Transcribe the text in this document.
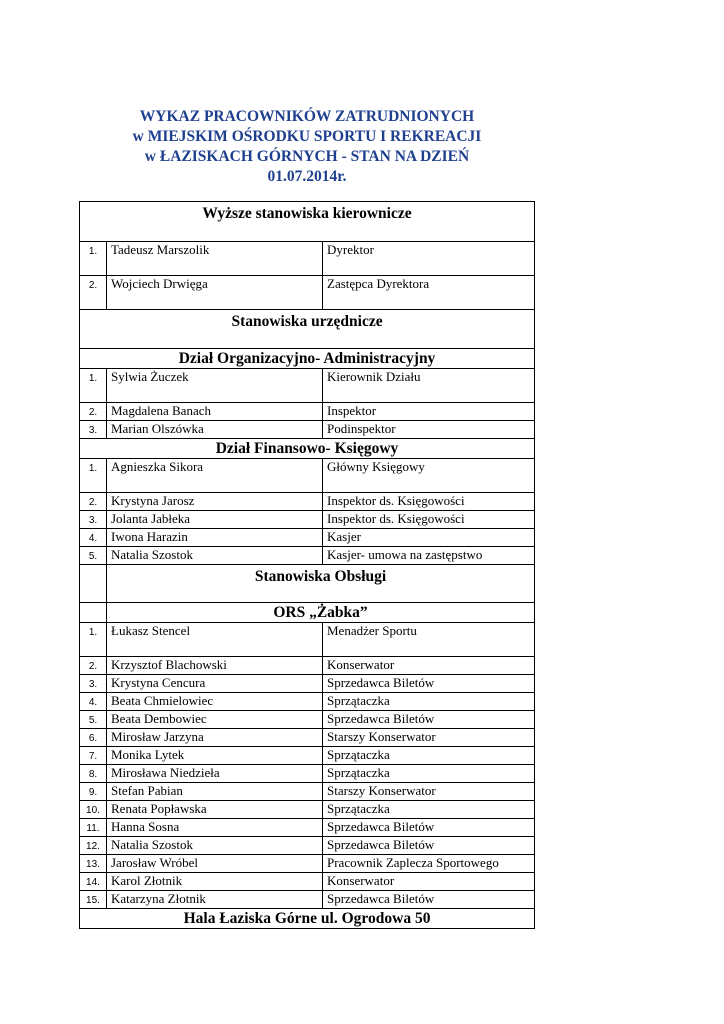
WYKAZ PRACOWNIKÓW ZATRUDNIONYCH
w MIEJSKIM OŚRODKU SPORTU I REKREACJI
w ŁAZISKACH GÓRNYCH - STAN NA DZIEŃ
01.07.2014r.
Wyższe stanowiska kierownicze		
1.	Tadeusz Marszolik	Dyrektor
2.	Wojciech Drwięga	Zastępca Dyrektora
Stanowiska urzędnicze		
Dział Organizacyjno- Administracyjny		
1.	Sylwia Żuczek	Kierownik Działu
2.	Magdalena Banach	Inspektor
3.	Marian Olszówka	Podinspektor
Dział Finansowo- Księgowy		
1.	Agnieszka Sikora	Główny Księgowy
2.	Krystyna Jarosz	Inspektor ds. Księgowości
3.	Jolanta Jabłeka	Inspektor ds. Księgowości
4.	Iwona Harazin	Kasjer
5.	Natalia Szostok	Kasjer- umowa na zastępstwo
	Stanowiska Obsługi	
	ORS „Żabka”	
1.	Łukasz Stencel	Menadżer Sportu
2.	Krzysztof Blachowski	Konserwator
3.	Krystyna Cencura	Sprzedawca Biletów
4.	Beata Chmielowiec	Sprzątaczka
5.	Beata Dembowiec	Sprzedawca Biletów
6.	Mirosław Jarzyna	Starszy Konserwator
7.	Monika Lytek	Sprzątaczka
8.	Mirosława Niedzieła	Sprzątaczka
9.	Stefan Pabian	Starszy Konserwator
10.	Renata Popławska	Sprzątaczka
11.	Hanna Sosna	Sprzedawca Biletów
12.	Natalia Szostok	Sprzedawca Biletów
13.	Jarosław Wróbel	Pracownik Zaplecza Sportowego
14.	Karol Złotnik	Konserwator
15.	Katarzyna Złotnik	Sprzedawca Biletów
Hala Łaziska Górne ul. Ogrodowa 50		
